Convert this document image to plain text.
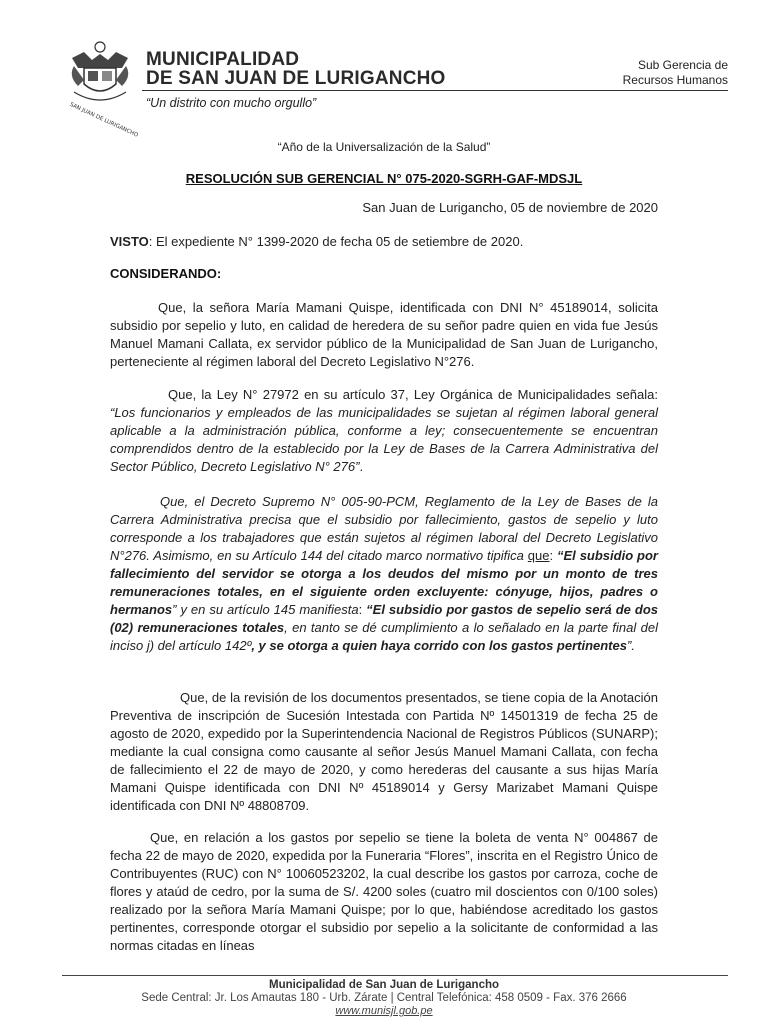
SAN JUAN DE LURIGANCHO
MUNICIPALIDAD
DE SAN JUAN DE LURIGANCHO
“Un distrito con mucho orgullo”
Sub Gerencia de
Recursos Humanos
“Año de la Universalización de la Salud”
RESOLUCIÓN SUB GERENCIAL N° 075-2020-SGRH-GAF-MDSJL
San Juan de Lurigancho, 05 de noviembre de 2020
VISTO: El expediente N° 1399-2020 de fecha 05 de setiembre de 2020.
CONSIDERANDO:
Que, la señora María Mamani Quispe, identificada con DNI N° 45189014, solicita subsidio por sepelio y luto, en calidad de heredera de su señor padre quien en vida fue Jesús Manuel Mamani Callata, ex servidor público de la Municipalidad de San Juan de Lurigancho, perteneciente al régimen laboral del Decreto Legislativo N°276.
Que, la Ley N° 27972 en su artículo 37, Ley Orgánica de Municipalidades señala: “Los funcionarios y empleados de las municipalidades se sujetan al régimen laboral general aplicable a la administración pública, conforme a ley; consecuentemente se encuentran comprendidos dentro de la establecido por la Ley de Bases de la Carrera Administrativa del Sector Público, Decreto Legislativo N° 276”.
Que, el Decreto Supremo N° 005-90-PCM, Reglamento de la Ley de Bases de la Carrera Administrativa precisa que el subsidio por fallecimiento, gastos de sepelio y luto corresponde a los trabajadores que están sujetos al régimen laboral del Decreto Legislativo N°276. Asimismo, en su Artículo 144 del citado marco normativo tipifica que: “El subsidio por fallecimiento del servidor se otorga a los deudos del mismo por un monto de tres remuneraciones totales, en el siguiente orden excluyente: cónyuge, hijos, padres o hermanos” y en su artículo 145 manifiesta: “El subsidio por gastos de sepelio será de dos (02) remuneraciones totales, en tanto se dé cumplimiento a lo señalado en la parte final del inciso j) del artículo 142º, y se otorga a quien haya corrido con los gastos pertinentes”.
Que, de la revisión de los documentos presentados, se tiene copia de la Anotación Preventiva de inscripción de Sucesión Intestada con Partida Nº 14501319 de fecha 25 de agosto de 2020, expedido por la Superintendencia Nacional de Registros Públicos (SUNARP); mediante la cual consigna como causante al señor Jesús Manuel Mamani Callata, con fecha de fallecimiento el 22 de mayo de 2020, y como herederas del causante a sus hijas María Mamani Quispe identificada con DNI Nº 45189014 y Gersy Marizabet Mamani Quispe identificada con DNI Nº 48808709.
Que, en relación a los gastos por sepelio se tiene la boleta de venta N° 004867 de fecha 22 de mayo de 2020, expedida por la Funeraria “Flores”, inscrita en el Registro Único de Contribuyentes (RUC) con N° 10060523202, la cual describe los gastos por carroza, coche de flores y ataúd de cedro, por la suma de S/. 4200 soles (cuatro mil doscientos con 0/100 soles) realizado por la señora María Mamani Quispe; por lo que, habiéndose acreditado los gastos pertinentes, corresponde otorgar el subsidio por sepelio a la solicitante de conformidad a las normas citadas en líneas
Municipalidad de San Juan de Lurigancho
Sede Central: Jr. Los Amautas 180 - Urb. Zárate | Central Telefónica: 458 0509 - Fax. 376 2666
www.munisjl.gob.pe
